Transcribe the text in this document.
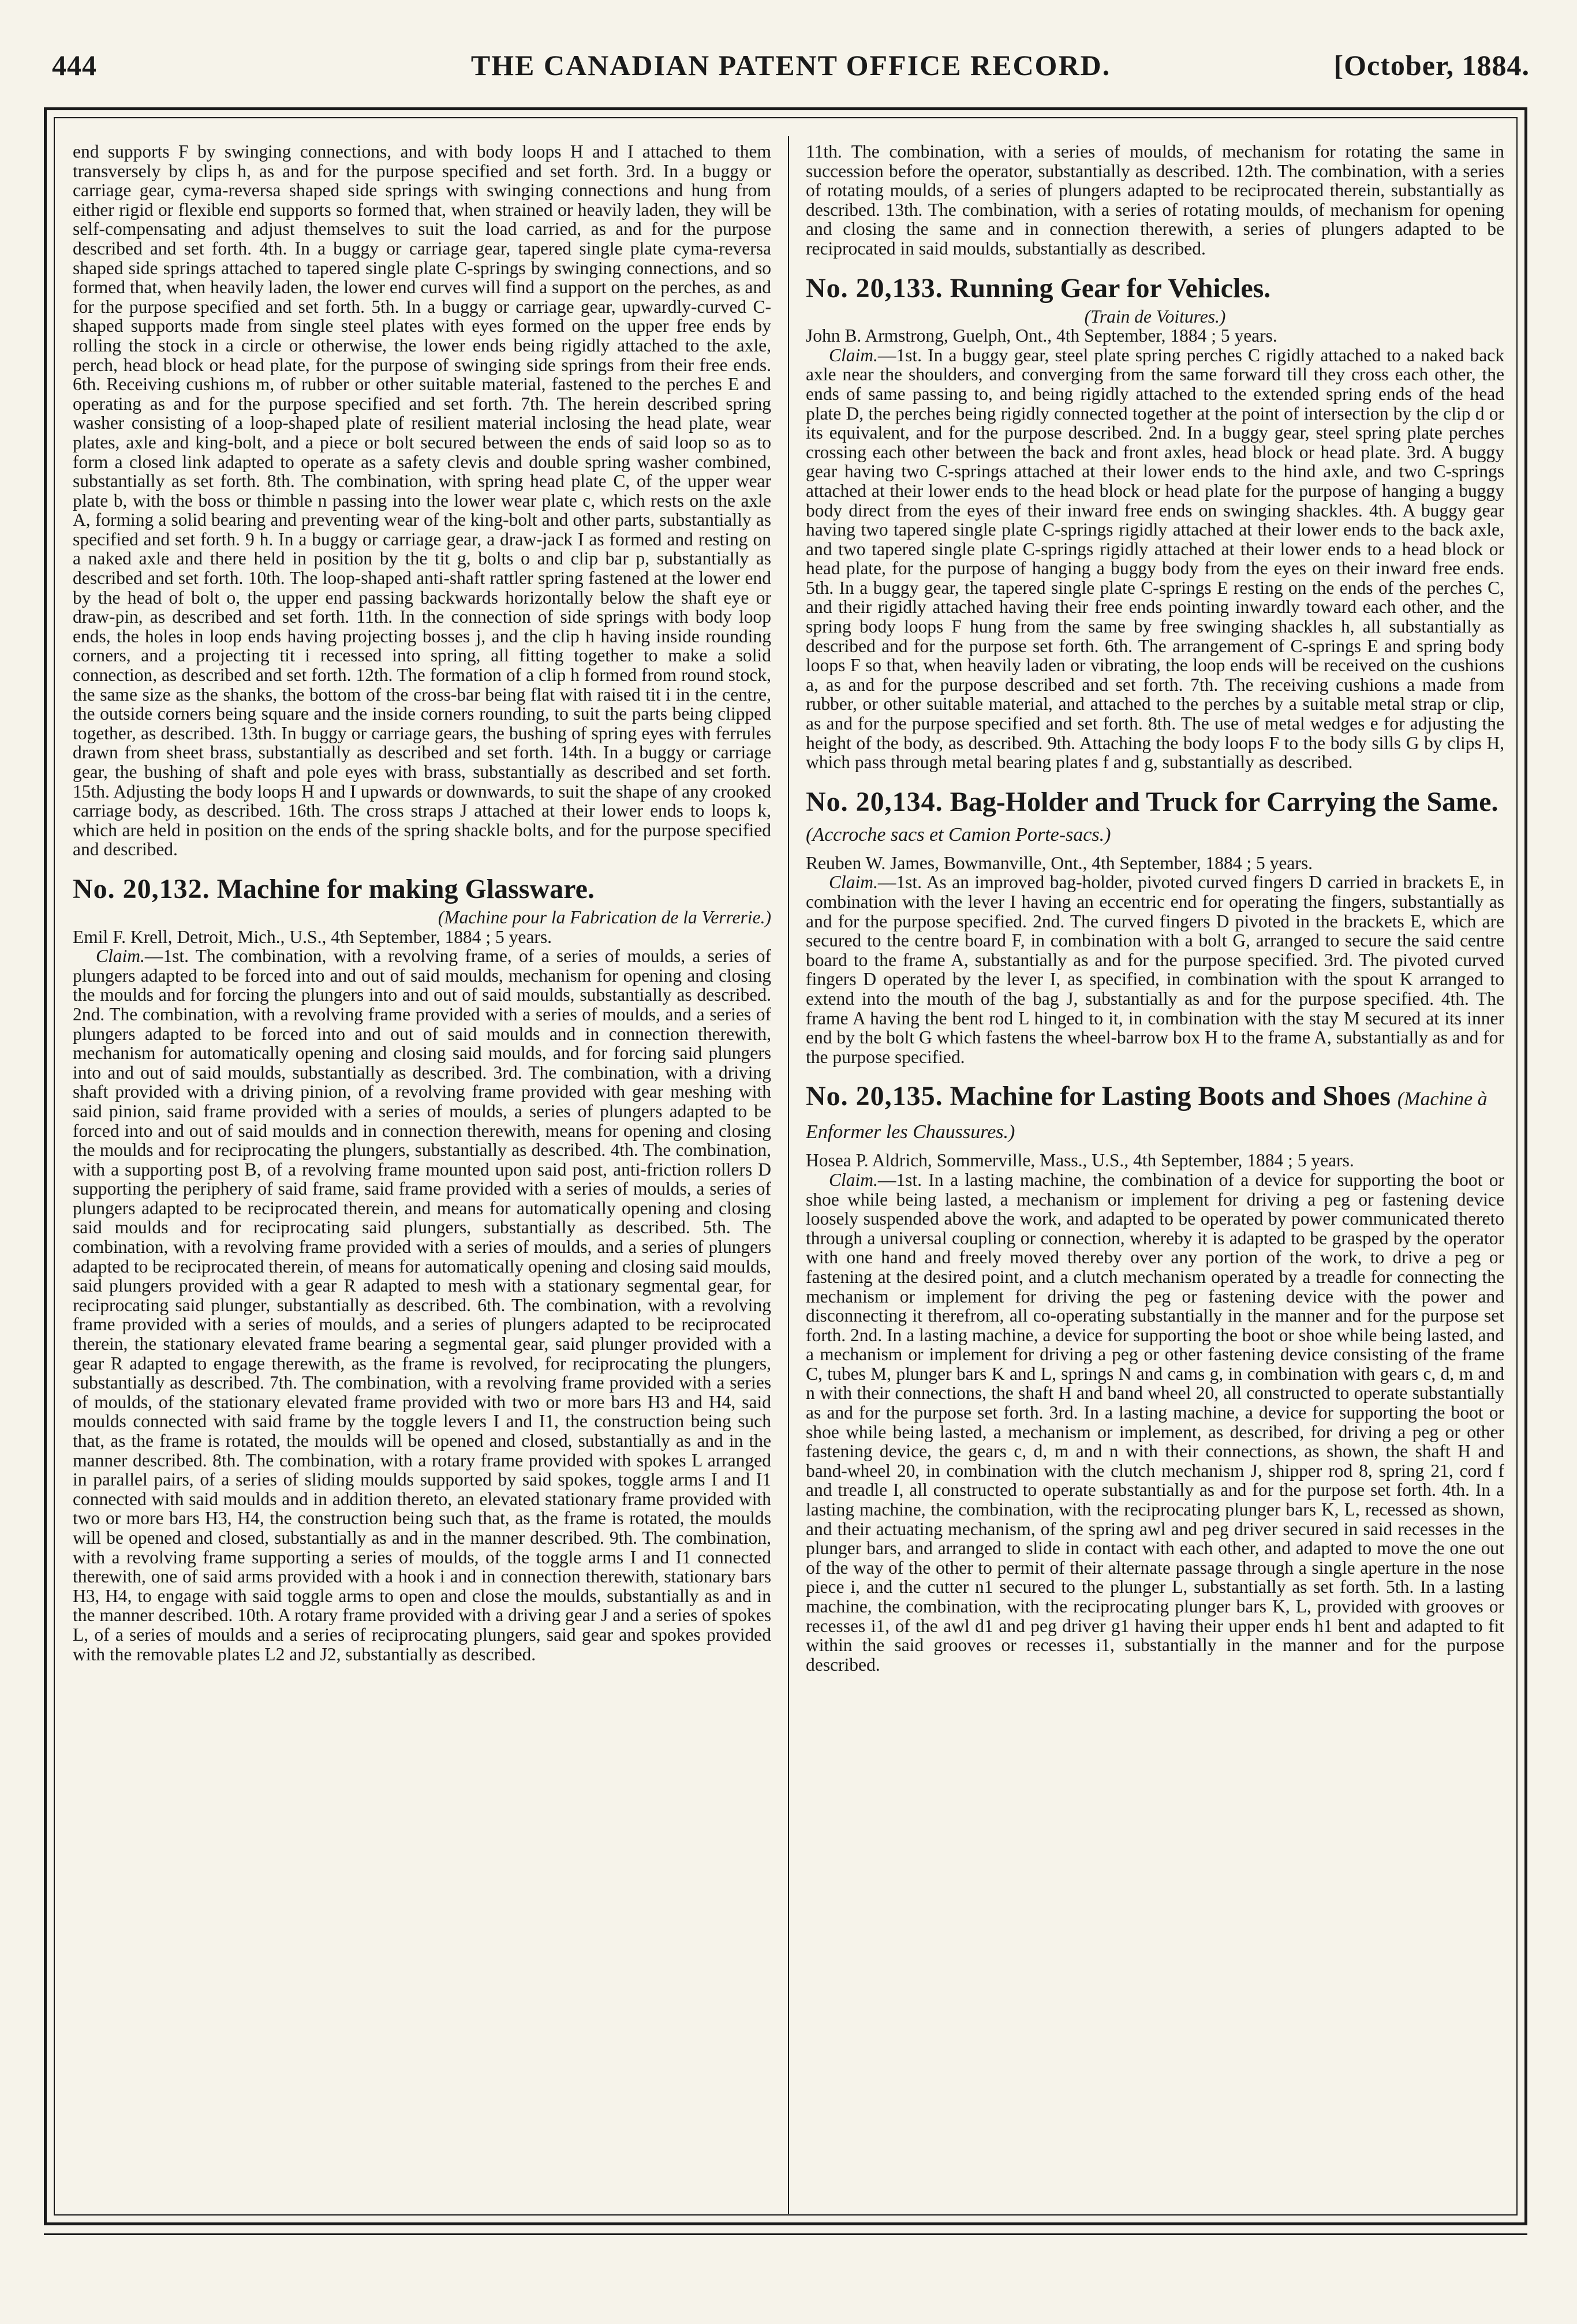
444	THE CANADIAN PATENT OFFICE RECORD.	[October, 1884.

end supports F by swinging connections, and with body loops H and I attached to them transversely by clips h, as and for the purpose specified and set forth. 3rd. In a buggy or carriage gear, cyma-reversa shaped side springs with swinging connections and hung from either rigid or flexible end supports so formed that, when strained or heavily laden, they will be self-compensating and adjust themselves to suit the load carried, as and for the purpose described and set forth. 4th. In a buggy or carriage gear, tapered single plate cyma-reversa shaped side springs attached to tapered single plate C-springs by swinging connections, and so formed that, when heavily laden, the lower end curves will find a support on the perches, as and for the purpose specified and set forth. 5th. In a buggy or carriage gear, upwardly-curved C-shaped supports made from single steel plates with eyes formed on the upper free ends by rolling the stock in a circle or otherwise, the lower ends being rigidly attached to the axle, perch, head block or head plate, for the purpose of swinging side springs from their free ends. 6th. Receiving cushions m, of rubber or other suitable material, fastened to the perches E and operating as and for the purpose specified and set forth. 7th. The herein described spring washer consisting of a loop-shaped plate of resilient material inclosing the head plate, wear plates, axle and king-bolt, and a piece or bolt secured between the ends of said loop so as to form a closed link adapted to operate as a safety clevis and double spring washer combined, substantially as set forth. 8th. The combination, with spring head plate C, of the upper wear plate b, with the boss or thimble n passing into the lower wear plate c, which rests on the axle A, forming a solid bearing and preventing wear of the king-bolt and other parts, substantially as specified and set forth. 9 h. In a buggy or carriage gear, a draw-jack I as formed and resting on a naked axle and there held in position by the tit g, bolts o and clip bar p, substantially as described and set forth. 10th. The loop-shaped anti-shaft rattler spring fastened at the lower end by the head of bolt o, the upper end passing backwards horizontally below the shaft eye or draw-pin, as described and set forth. 11th. In the connection of side springs with body loop ends, the holes in loop ends having projecting bosses j, and the clip h having inside rounding corners, and a projecting tit i recessed into spring, all fitting together to make a solid connection, as described and set forth. 12th. The formation of a clip h formed from round stock, the same size as the shanks, the bottom of the cross-bar being flat with raised tit i in the centre, the outside corners being square and the inside corners rounding, to suit the parts being clipped together, as described. 13th. In buggy or carriage gears, the bushing of spring eyes with ferrules drawn from sheet brass, substantially as described and set forth. 14th. In a buggy or carriage gear, the bushing of shaft and pole eyes with brass, substantially as described and set forth. 15th. Adjusting the body loops H and I upwards or downwards, to suit the shape of any crooked carriage body, as described. 16th. The cross straps J attached at their lower ends to loops k, which are held in position on the ends of the spring shackle bolts, and for the purpose specified and described.

No. 20,132. Machine for making Glassware.

(Machine pour la Fabrication de la Verrerie.)

Emil F. Krell, Detroit, Mich., U.S., 4th September, 1884 ; 5 years.

Claim.—1st. The combination, with a revolving frame, of a series of moulds, a series of plungers adapted to be forced into and out of said moulds, mechanism for opening and closing the moulds and for forcing the plungers into and out of said moulds, substantially as described. 2nd. The combination, with a revolving frame provided with a series of moulds, and a series of plungers adapted to be forced into and out of said moulds and in connection therewith, mechanism for automatically opening and closing said moulds, and for forcing said plungers into and out of said moulds, substantially as described. 3rd. The combination, with a driving shaft provided with a driving pinion, of a revolving frame provided with gear meshing with said pinion, said frame provided with a series of moulds, a series of plungers adapted to be forced into and out of said moulds and in connection therewith, means for opening and closing the moulds and for reciprocating the plungers, substantially as described. 4th. The combination, with a supporting post B, of a revolving frame mounted upon said post, anti-friction rollers D supporting the periphery of said frame, said frame provided with a series of moulds, a series of plungers adapted to be reciprocated therein, and means for automatically opening and closing said moulds and for reciprocating said plungers, substantially as described. 5th. The combination, with a revolving frame provided with a series of moulds, and a series of plungers adapted to be reciprocated therein, of means for automatically opening and closing said moulds, said plungers provided with a gear R adapted to mesh with a stationary segmental gear, for reciprocating said plunger, substantially as described. 6th. The combination, with a revolving frame provided with a series of moulds, and a series of plungers adapted to be reciprocated therein, the stationary elevated frame bearing a segmental gear, said plunger provided with a gear R adapted to engage therewith, as the frame is revolved, for reciprocating the plungers, substantially as described. 7th. The combination, with a revolving frame provided with a series of moulds, of the stationary elevated frame provided with two or more bars H3 and H4, said moulds connected with said frame by the toggle levers I and I1, the construction being such that, as the frame is rotated, the moulds will be opened and closed, substantially as and in the manner described. 8th. The combination, with a rotary frame provided with spokes L arranged in parallel pairs, of a series of sliding moulds supported by said spokes, toggle arms I and I1 connected with said moulds and in addition thereto, an elevated stationary frame provided with two or more bars H3, H4, the construction being such that, as the frame is rotated, the moulds will be opened and closed, substantially as and in the manner described. 9th. The combination, with a revolving frame supporting a series of moulds, of the toggle arms I and I1 connected therewith, one of said arms provided with a hook i and in connection therewith, stationary bars H3, H4, to engage with said toggle arms to open and close the moulds, substantially as and in the manner described. 10th. A rotary frame provided with a driving gear J and a series of spokes L, of a series of moulds and a series of reciprocating plungers, said gear and spokes provided with the removable plates L2 and J2, substantially as described.

11th. The combination, with a series of moulds, of mechanism for rotating the same in succession before the operator, substantially as described. 12th. The combination, with a series of rotating moulds, of a series of plungers adapted to be reciprocated therein, substantially as described. 13th. The combination, with a series of rotating moulds, of mechanism for opening and closing the same and in connection therewith, a series of plungers adapted to be reciprocated in said moulds, substantially as described.

No. 20,133. Running Gear for Vehicles.

(Train de Voitures.)

John B. Armstrong, Guelph, Ont., 4th September, 1884 ; 5 years.

Claim.—1st. In a buggy gear, steel plate spring perches C rigidly attached to a naked back axle near the shoulders, and converging from the same forward till they cross each other, the ends of same passing to, and being rigidly attached to the extended spring ends of the head plate D, the perches being rigidly connected together at the point of intersection by the clip d or its equivalent, and for the purpose described. 2nd. In a buggy gear, steel spring plate perches crossing each other between the back and front axles, head block or head plate. 3rd. A buggy gear having two C-springs attached at their lower ends to the hind axle, and two C-springs attached at their lower ends to the head block or head plate for the purpose of hanging a buggy body direct from the eyes of their inward free ends on swinging shackles. 4th. A buggy gear having two tapered single plate C-springs rigidly attached at their lower ends to the back axle, and two tapered single plate C-springs rigidly attached at their lower ends to a head block or head plate, for the purpose of hanging a buggy body from the eyes on their inward free ends. 5th. In a buggy gear, the tapered single plate C-springs E resting on the ends of the perches C, and their rigidly attached having their free ends pointing inwardly toward each other, and the spring body loops F hung from the same by free swinging shackles h, all substantially as described and for the purpose set forth. 6th. The arrangement of C-springs E and spring body loops F so that, when heavily laden or vibrating, the loop ends will be received on the cushions a, as and for the purpose described and set forth. 7th. The receiving cushions a made from rubber, or other suitable material, and attached to the perches by a suitable metal strap or clip, as and for the purpose specified and set forth. 8th. The use of metal wedges e for adjusting the height of the body, as described. 9th. Attaching the body loops F to the body sills G by clips H, which pass through metal bearing plates f and g, substantially as described.

No. 20,134. Bag-Holder and Truck for Carrying the Same. (Accroche sacs et Camion Porte-sacs.)

Reuben W. James, Bowmanville, Ont., 4th September, 1884 ; 5 years.

Claim.—1st. As an improved bag-holder, pivoted curved fingers D carried in brackets E, in combination with the lever I having an eccentric end for operating the fingers, substantially as and for the purpose specified. 2nd. The curved fingers D pivoted in the brackets E, which are secured to the centre board F, in combination with a bolt G, arranged to secure the said centre board to the frame A, substantially as and for the purpose specified. 3rd. The pivoted curved fingers D operated by the lever I, as specified, in combination with the spout K arranged to extend into the mouth of the bag J, substantially as and for the purpose specified. 4th. The frame A having the bent rod L hinged to it, in combination with the stay M secured at its inner end by the bolt G which fastens the wheel-barrow box H to the frame A, substantially as and for the purpose specified.

No. 20,135. Machine for Lasting Boots and Shoes (Machine à Enformer les Chaussures.)

Hosea P. Aldrich, Sommerville, Mass., U.S., 4th September, 1884 ; 5 years.

Claim.—1st. In a lasting machine, the combination of a device for supporting the boot or shoe while being lasted, a mechanism or implement for driving a peg or fastening device loosely suspended above the work, and adapted to be operated by power communicated thereto through a universal coupling or connection, whereby it is adapted to be grasped by the operator with one hand and freely moved thereby over any portion of the work, to drive a peg or fastening at the desired point, and a clutch mechanism operated by a treadle for connecting the mechanism or implement for driving the peg or fastening device with the power and disconnecting it therefrom, all co-operating substantially in the manner and for the purpose set forth. 2nd. In a lasting machine, a device for supporting the boot or shoe while being lasted, and a mechanism or implement for driving a peg or other fastening device consisting of the frame C, tubes M, plunger bars K and L, springs N and cams g, in combination with gears c, d, m and n with their connections, the shaft H and band wheel 20, all constructed to operate substantially as and for the purpose set forth. 3rd. In a lasting machine, a device for supporting the boot or shoe while being lasted, a mechanism or implement, as described, for driving a peg or other fastening device, the gears c, d, m and n with their connections, as shown, the shaft H and band-wheel 20, in combination with the clutch mechanism J, shipper rod 8, spring 21, cord f and treadle I, all constructed to operate substantially as and for the purpose set forth. 4th. In a lasting machine, the combination, with the reciprocating plunger bars K, L, recessed as shown, and their actuating mechanism, of the spring awl and peg driver secured in said recesses in the plunger bars, and arranged to slide in contact with each other, and adapted to move the one out of the way of the other to permit of their alternate passage through a single aperture in the nose piece i, and the cutter n1 secured to the plunger L, substantially as set forth. 5th. In a lasting machine, the combination, with the reciprocating plunger bars K, L, provided with grooves or recesses i1, of the awl d1 and peg driver g1 having their upper ends h1 bent and adapted to fit within the said grooves or recesses i1, substantially in the manner and for the purpose described.
